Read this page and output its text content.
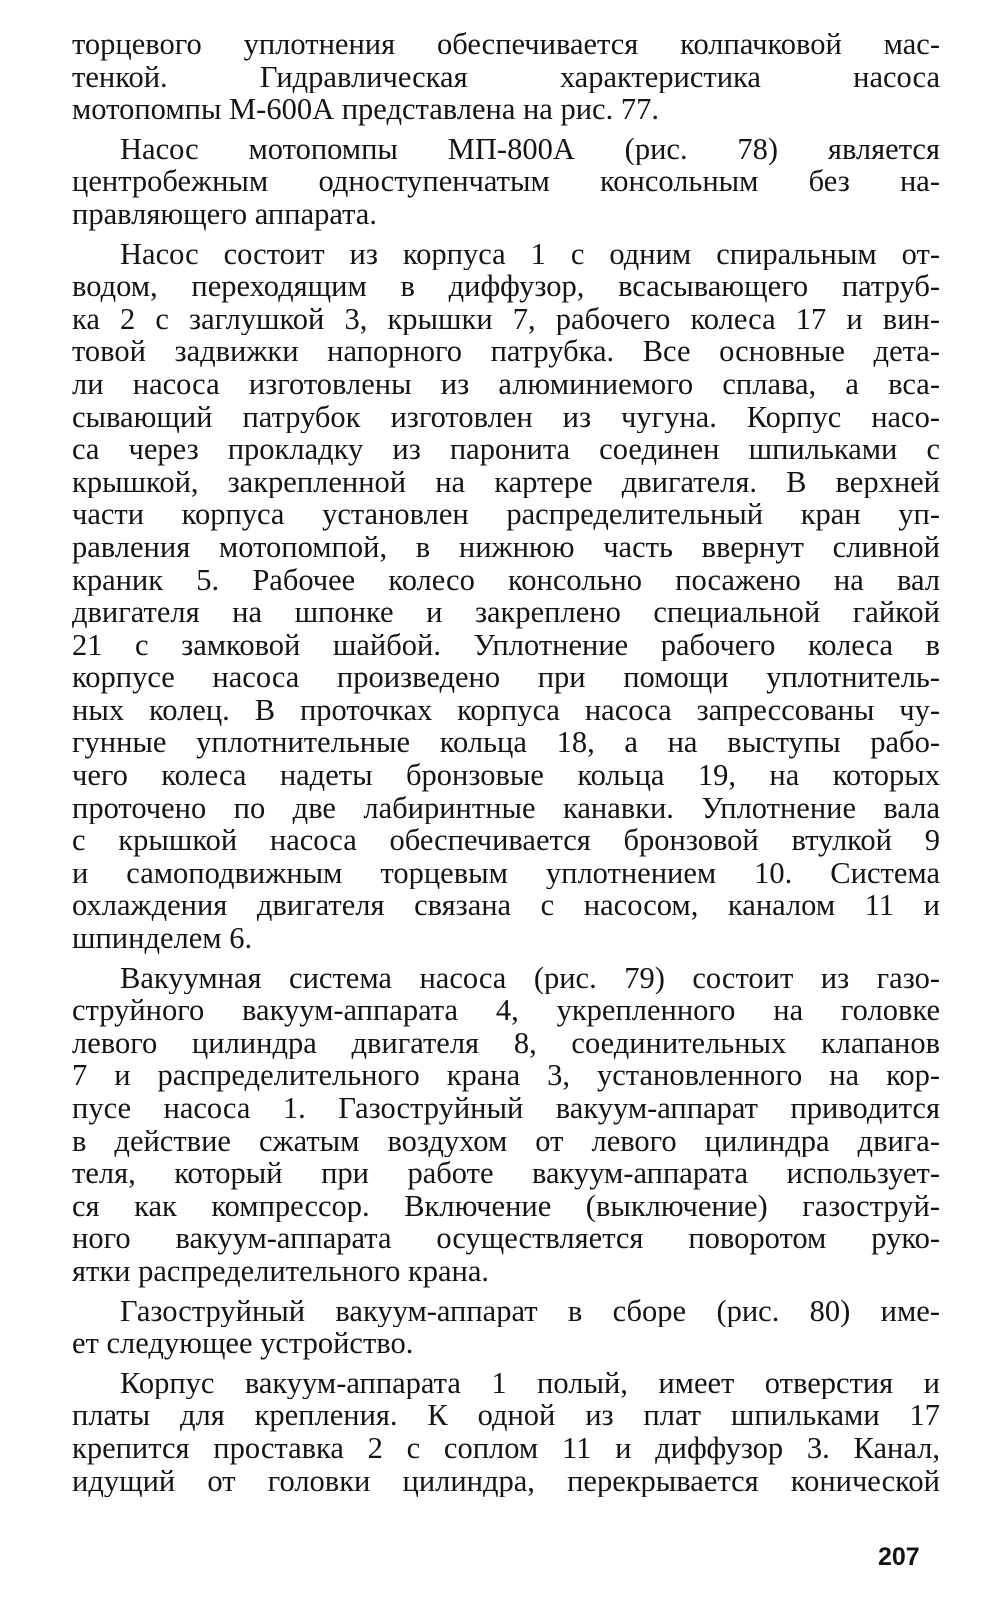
торцевого уплотнения обеспечивается колпачковой мас-
тенкой. Гидравлическая характеристика насоса
мотопомпы М-600А представлена на рис. 77.
Насос мотопомпы МП-800А (рис. 78) является
центробежным одноступенчатым консольным без на-
правляющего аппарата.
Насос состоит из корпуса 1 с одним спиральным от-
водом, переходящим в диффузор, всасывающего патруб-
ка 2 с заглушкой 3, крышки 7, рабочего колеса 17 и вин-
товой задвижки напорного патрубка. Все основные дета-
ли насоса изготовлены из алюминиемого сплава, а вса-
сывающий патрубок изготовлен из чугуна. Корпус насо-
са через прокладку из паронита соединен шпильками с
крышкой, закрепленной на картере двигателя. В верхней
части корпуса установлен распределительный кран уп-
равления мотопомпой, в нижнюю часть ввернут сливной
краник 5. Рабочее колесо консольно посажено на вал
двигателя на шпонке и закреплено специальной гайкой
21 с замковой шайбой. Уплотнение рабочего колеса в
корпусе насоса произведено при помощи уплотнитель-
ных колец. В проточках корпуса насоса запрессованы чу-
гунные уплотнительные кольца 18, а на выступы рабо-
чего колеса надеты бронзовые кольца 19, на которых
проточено по две лабиринтные канавки. Уплотнение вала
с крышкой насоса обеспечивается бронзовой втулкой 9
и самоподвижным торцевым уплотнением 10. Система
охлаждения двигателя связана с насосом, каналом 11 и
шпинделем 6.
Вакуумная система насоса (рис. 79) состоит из газо-
струйного вакуум-аппарата 4, укрепленного на головке
левого цилиндра двигателя 8, соединительных клапанов
7 и распределительного крана 3, установленного на кор-
пусе насоса 1. Газоструйный вакуум-аппарат приводится
в действие сжатым воздухом от левого цилиндра двига-
теля, который при работе вакуум-аппарата использует-
ся как компрессор. Включение (выключение) газоструй-
ного вакуум-аппарата осуществляется поворотом руко-
ятки распределительного крана.
Газоструйный вакуум-аппарат в сборе (рис. 80) име-
ет следующее устройство.
Корпус вакуум-аппарата 1 полый, имеет отверстия и
платы для крепления. К одной из плат шпильками 17
крепится проставка 2 с соплом 11 и диффузор 3. Канал,
идущий от головки цилиндра, перекрывается конической
207
